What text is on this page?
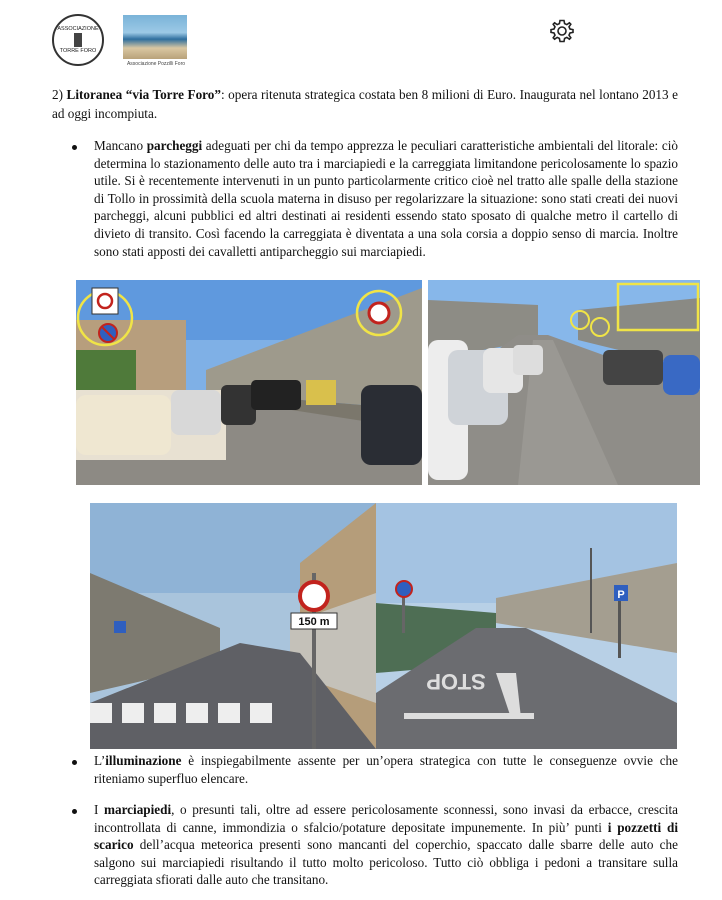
ASSOCIAZIONE
TORRE FORO
Associazione Pozzilli Foro
2) Litoranea “via Torre Foro”: opera ritenuta strategica costata ben 8 milioni di Euro. Inaugurata nel lontano 2013 e ad oggi incompiuta.
Mancano parcheggi adeguati per chi da tempo apprezza le peculiari caratteristiche ambientali del litorale: ciò determina lo stazionamento delle auto tra i marciapiedi e la carreggiata limitandone pericolosamente lo spazio utile. Si è recentemente intervenuti in un punto particolarmente critico cioè nel tratto alle spalle della stazione di Tollo in prossimità della scuola materna in disuso per regolarizzare la situazione: sono stati creati dei nuovi parcheggi, alcuni pubblici ed altri destinati ai residenti essendo stato sposato di qualche metro il cartello di divieto di transito. Così facendo la carreggiata è diventata a una sola corsia a doppio senso di marcia. Inoltre sono stati apposti dei cavalletti antiparcheggio sui marciapiedi.
150 m
STOP
P
L’illuminazione è inspiegabilmente assente per un’opera strategica con tutte le conseguenze ovvie che riteniamo superfluo elencare.
I marciapiedi, o presunti tali, oltre ad essere pericolosamente sconnessi, sono invasi da erbacce, crescita incontrollata di canne, immondizia o sfalcio/potature depositate impunemente. In più’ punti i pozzetti di scarico dell’acqua meteorica presenti sono mancanti del coperchio, spaccato dalle sbarre delle auto che salgono sui marciapiedi risultando il tutto molto pericoloso. Tutto ciò obbliga i pedoni a transitare sulla carreggiata sfiorati dalle auto che transitano.
